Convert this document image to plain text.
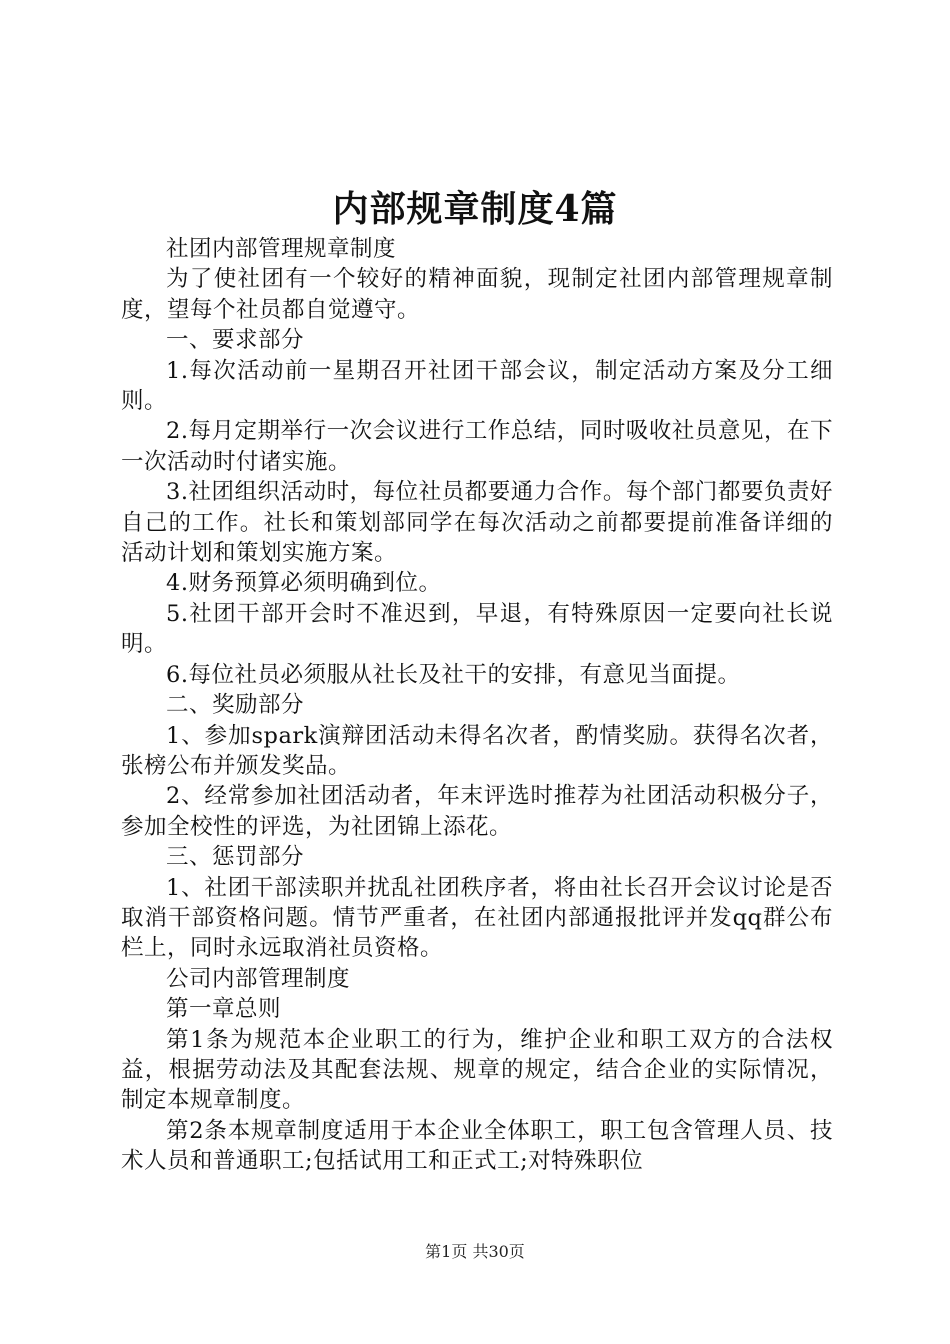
内部规章制度4篇

社团内部管理规章制度

为了使社团有一个较好的精神面貌，现制定社团内部管理规章制度，望每个社员都自觉遵守。

一、要求部分

1.每次活动前一星期召开社团干部会议，制定活动方案及分工细则。

2.每月定期举行一次会议进行工作总结，同时吸收社员意见，在下一次活动时付诸实施。

3.社团组织活动时，每位社员都要通力合作。每个部门都要负责好自己的工作。社长和策划部同学在每次活动之前都要提前准备详细的活动计划和策划实施方案。

4.财务预算必须明确到位。

5.社团干部开会时不准迟到，早退，有特殊原因一定要向社长说明。

6.每位社员必须服从社长及社干的安排，有意见当面提。

二、奖励部分

1、参加spark演辩团活动未得名次者，酌情奖励。获得名次者，张榜公布并颁发奖品。

2、经常参加社团活动者，年末评选时推荐为社团活动积极分子，参加全校性的评选，为社团锦上添花。

三、惩罚部分

1、社团干部渎职并扰乱社团秩序者，将由社长召开会议讨论是否取消干部资格问题。情节严重者，在社团内部通报批评并发qq群公布栏上，同时永远取消社员资格。

公司内部管理制度

第一章总则

第1条为规范本企业职工的行为，维护企业和职工双方的合法权益，根据劳动法及其配套法规、规章的规定，结合企业的实际情况，制定本规章制度。

第2条本规章制度适用于本企业全体职工，职工包含管理人员、技术人员和普通职工;包括试用工和正式工;对特殊职位

第1页 共30页
